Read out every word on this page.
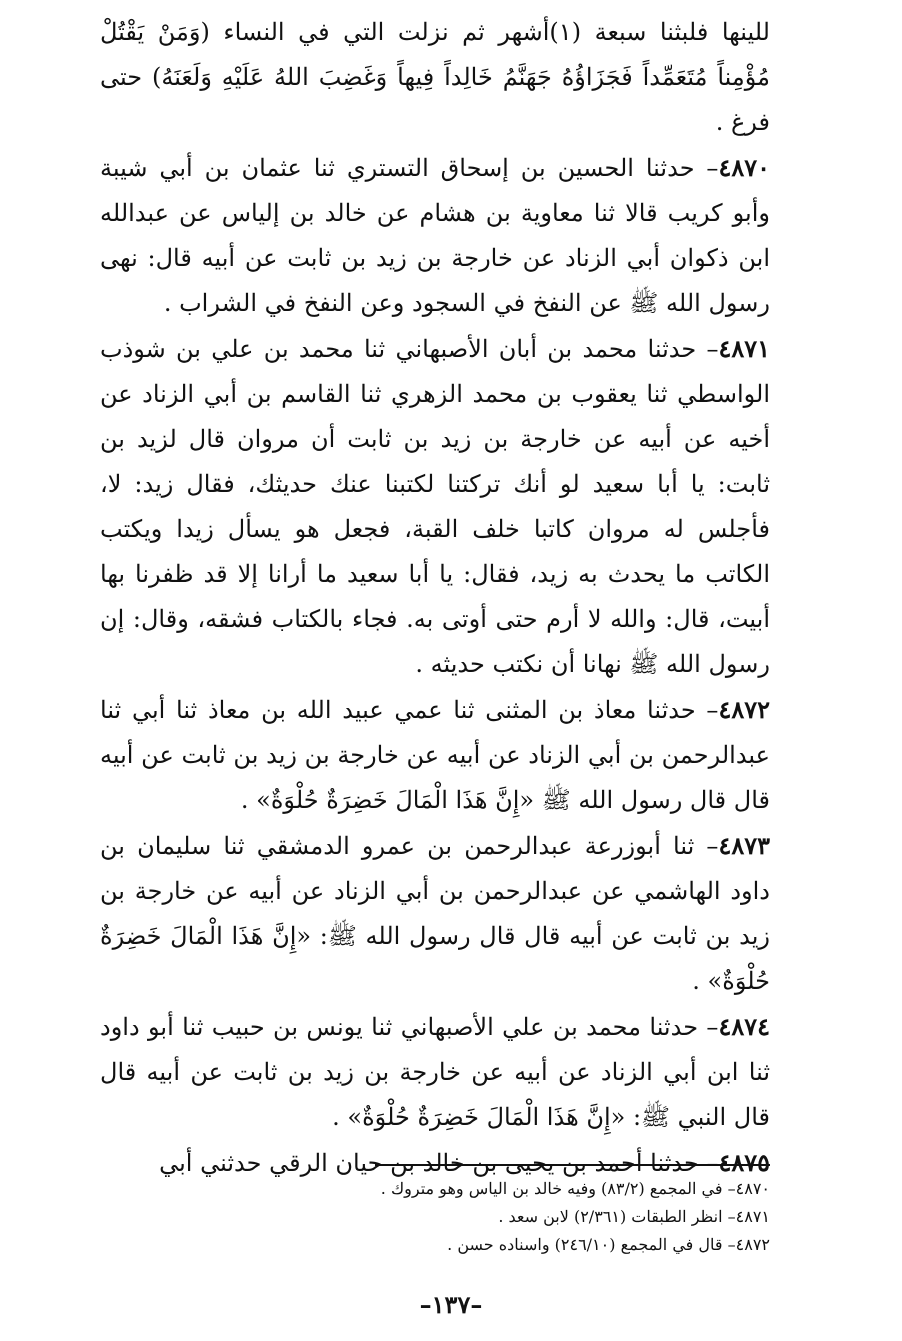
للينها فلبثنا سبعة (١)أشهر ثم نزلت التي في النساء (وَمَنْ يَقْتُلْ مُؤْمِناً مُتَعَمِّداً فَجَزَاؤُهُ جَهَنَّمُ خَالِداً فِيهاً وَغَضِبَ اللهُ عَلَيْهِ وَلَعَنَهُ) حتى فرغ .

٤٨٧٠– حدثنا الحسين بن إسحاق التستري ثنا عثمان بن أبي شيبة وأبو كريب قالا ثنا معاوية بن هشام عن خالد بن إلياس عن عبدالله ابن ذكوان أبي الزناد عن خارجة بن زيد بن ثابت عن أبيه قال: نهى رسول الله ﷺ عن النفخ في السجود وعن النفخ في الشراب .

٤٨٧١– حدثنا محمد بن أبان الأصبهاني ثنا محمد بن علي بن شوذب الواسطي ثنا يعقوب بن محمد الزهري ثنا القاسم بن أبي الزناد عن أخيه عن أبيه عن خارجة بن زيد بن ثابت أن مروان قال لزيد بن ثابت: يا أبا سعيد لو أنك تركتنا لكتبنا عنك حديثك، فقال زيد: لا، فأجلس له مروان كاتبا خلف القبة، فجعل هو يسأل زيدا ويكتب الكاتب ما يحدث به زيد، فقال: يا أبا سعيد ما أرانا إلا قد ظفرنا بها أبيت، قال: والله لا أرم حتى أوتى به. فجاء بالكتاب فشقه، وقال: إن رسول الله ﷺ نهانا أن نكتب حديثه .

٤٨٧٢– حدثنا معاذ بن المثنى ثنا عمي عبيد الله بن معاذ ثنا أبي ثنا عبدالرحمن بن أبي الزناد عن أبيه عن خارجة بن زيد بن ثابت عن أبيه قال قال رسول الله ﷺ «إِنَّ هَذَا الْمَالَ خَضِرَةٌ حُلْوَةٌ» .

٤٨٧٣– ثنا أبوزرعة عبدالرحمن بن عمرو الدمشقي ثنا سليمان بن داود الهاشمي عن عبدالرحمن بن أبي الزناد عن أبيه عن خارجة بن زيد بن ثابت عن أبيه قال قال رسول الله ﷺ: «إِنَّ هَذَا الْمَالَ خَضِرَةٌ حُلْوَةٌ» .

٤٨٧٤– حدثنا محمد بن علي الأصبهاني ثنا يونس بن حبيب ثنا أبو داود ثنا ابن أبي الزناد عن أبيه عن خارجة بن زيد بن ثابت عن أبيه قال قال النبي ﷺ: «إِنَّ هَذَا الْمَالَ خَضِرَةٌ حُلْوَةٌ» .

٤٨٧٥– حدثنا أحمد بن يحيى بن خالد بن حيان الرقي حدثني أبي

٤٨٧٠– في المجمع (٨٣/٢) وفيه خالد بن الياس وهو متروك .

٤٨٧١– انظر الطبقات (٢/٣٦١) لابن سعد .

٤٨٧٢– قال في المجمع (٢٤٦/١٠) واسناده حسن .

–١٣٧–
